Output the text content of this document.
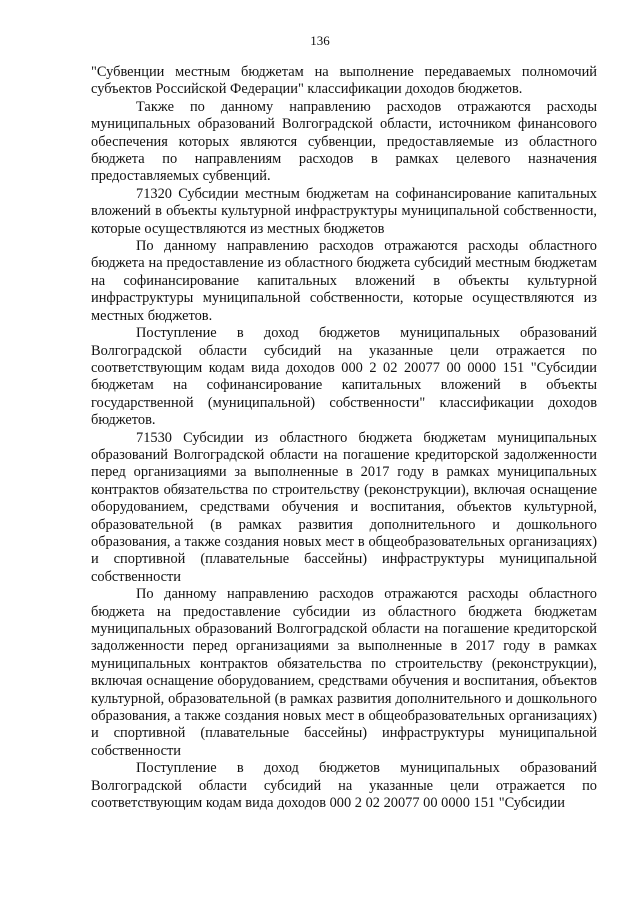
136

"Субвенции местным бюджетам на выполнение передаваемых полномочий субъектов Российской Федерации" классификации доходов бюджетов.

Также по данному направлению расходов отражаются расходы муниципальных образований Волгоградской области, источником финансового обеспечения которых являются субвенции, предоставляемые из областного бюджета по направлениям расходов в рамках целевого назначения предоставляемых субвенций.

71320 Субсидии местным бюджетам на софинансирование капитальных вложений в объекты культурной инфраструктуры муниципальной собственности, которые осуществляются из местных бюджетов

По данному направлению расходов отражаются расходы областного бюджета на предоставление из областного бюджета субсидий местным бюджетам на софинансирование капитальных вложений в объекты культурной инфраструктуры муниципальной собственности, которые осуществляются из местных бюджетов.

Поступление в доход бюджетов муниципальных образований Волгоградской области субсидий на указанные цели отражается по соответствующим кодам вида доходов 000 2 02 20077 00 0000 151 "Субсидии бюджетам на софинансирование капитальных вложений в объекты государственной (муниципальной) собственности" классификации доходов бюджетов.

71530 Субсидии из областного бюджета бюджетам муниципальных образований Волгоградской области на погашение кредиторской задолженности перед организациями за выполненные в 2017 году в рамках муниципальных контрактов обязательства по строительству (реконструкции), включая оснащение оборудованием, средствами обучения и воспитания, объектов культурной, образовательной (в рамках развития дополнительного и дошкольного образования, а также создания новых мест в общеобразовательных организациях) и спортивной (плавательные бассейны) инфраструктуры муниципальной собственности

По данному направлению расходов отражаются расходы областного бюджета на предоставление субсидии из областного бюджета бюджетам муниципальных образований Волгоградской области на погашение кредиторской задолженности перед организациями за выполненные в 2017 году в рамках муниципальных контрактов обязательства по строительству (реконструкции), включая оснащение оборудованием, средствами обучения и воспитания, объектов культурной, образовательной (в рамках развития дополнительного и дошкольного образования, а также создания новых мест в общеобразовательных организациях) и спортивной (плавательные бассейны) инфраструктуры муниципальной собственности

Поступление в доход бюджетов муниципальных образований Волгоградской области субсидий на указанные цели отражается по соответствующим кодам вида доходов 000 2 02 20077 00 0000 151 "Субсидии
